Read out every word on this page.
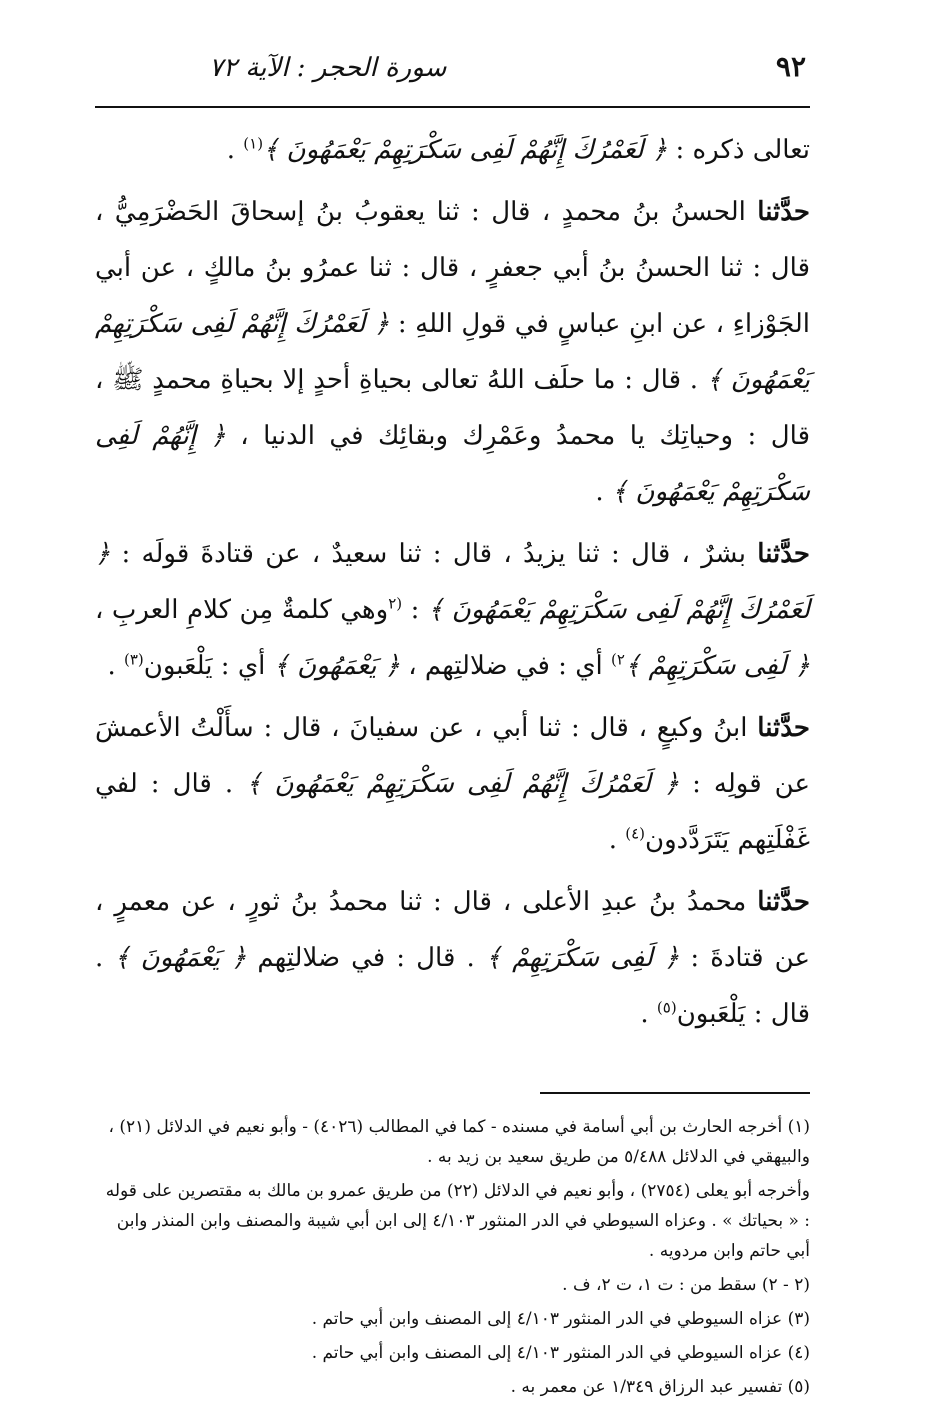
٩٢
سورة الحجر : الآية ٧٢

تعالى ذكره : ﴿ لَعَمْرُكَ إِنَّهُمْ لَفِى سَكْرَتِهِمْ يَعْمَهُونَ ﴾$^{(١)}$ .

حدَّثنا الحسنُ بنُ محمدٍ ، قال : ثنا يعقوبُ بنُ إسحاقَ الحَضْرَمِيُّ ، قال : ثنا الحسنُ بنُ أبي جعفرٍ ، قال : ثنا عمرُو بنُ مالكٍ ، عن أبي الجَوْزاءِ ، عن ابنِ عباسٍ في قولِ اللهِ : ﴿ لَعَمْرُكَ إِنَّهُمْ لَفِى سَكْرَتِهِمْ يَعْمَهُونَ ﴾ . قال : ما حلَف اللهُ تعالى بحياةِ أحدٍ إلا بحياةِ محمدٍ ﷺ ، قال : وحياتِك يا محمدُ وعَمْرِك وبقائِك في الدنيا ، ﴿ إِنَّهُمْ لَفِى سَكْرَتِهِمْ يَعْمَهُونَ ﴾ .

حدَّثنا بشرٌ ، قال : ثنا يزيدُ ، قال : ثنا سعيدٌ ، عن قتادةَ قولَه : ﴿ لَعَمْرُكَ إِنَّهُمْ لَفِى سَكْرَتِهِمْ يَعْمَهُونَ ﴾ : $^{(٢}$وهي كلمةٌ مِن كلامِ العربِ ، ﴿ لَفِى سَكْرَتِهِمْ ﴾$^{٢)}$ أي : في ضلالتِهم ، ﴿ يَعْمَهُونَ ﴾ أي : يَلْعَبون$^{(٣)}$ .

حدَّثنا ابنُ وكيعٍ ، قال : ثنا أبي ، عن سفيانَ ، قال : سأَلْتُ الأعمشَ عن قولِه : ﴿ لَعَمْرُكَ إِنَّهُمْ لَفِى سَكْرَتِهِمْ يَعْمَهُونَ ﴾ . قال : لفي غَفْلَتِهم يَتَرَدَّدون$^{(٤)}$ .

حدَّثنا محمدُ بنُ عبدِ الأعلى ، قال : ثنا محمدُ بنُ ثورٍ ، عن معمرٍ ، عن قتادةَ : ﴿ لَفِى سَكْرَتِهِمْ ﴾ . قال : في ضلالتِهم ﴿ يَعْمَهُونَ ﴾ . قال : يَلْعَبون$^{(٥)}$ .

(١) أخرجه الحارث بن أبي أسامة في مسنده - كما في المطالب (٤٠٢٦) - وأبو نعيم في الدلائل (٢١) ، والبيهقي في الدلائل ٥/٤٨٨ من طريق سعيد بن زيد به .

وأخرجه أبو يعلى (٢٧٥٤) ، وأبو نعيم في الدلائل (٢٢) من طريق عمرو بن مالك به مقتصرين على قوله : « بحياتك » . وعزاه السيوطي في الدر المنثور ٤/١٠٣ إلى ابن أبي شيبة والمصنف وابن المنذر وابن أبي حاتم وابن مردويه .

(٢ - ٢) سقط من : ت ١، ت ٢، ف .

(٣) عزاه السيوطي في الدر المنثور ٤/١٠٣ إلى المصنف وابن أبي حاتم .

(٤) عزاه السيوطي في الدر المنثور ٤/١٠٣ إلى المصنف وابن أبي حاتم .

(٥) تفسير عبد الرزاق ١/٣٤٩ عن معمر به .
